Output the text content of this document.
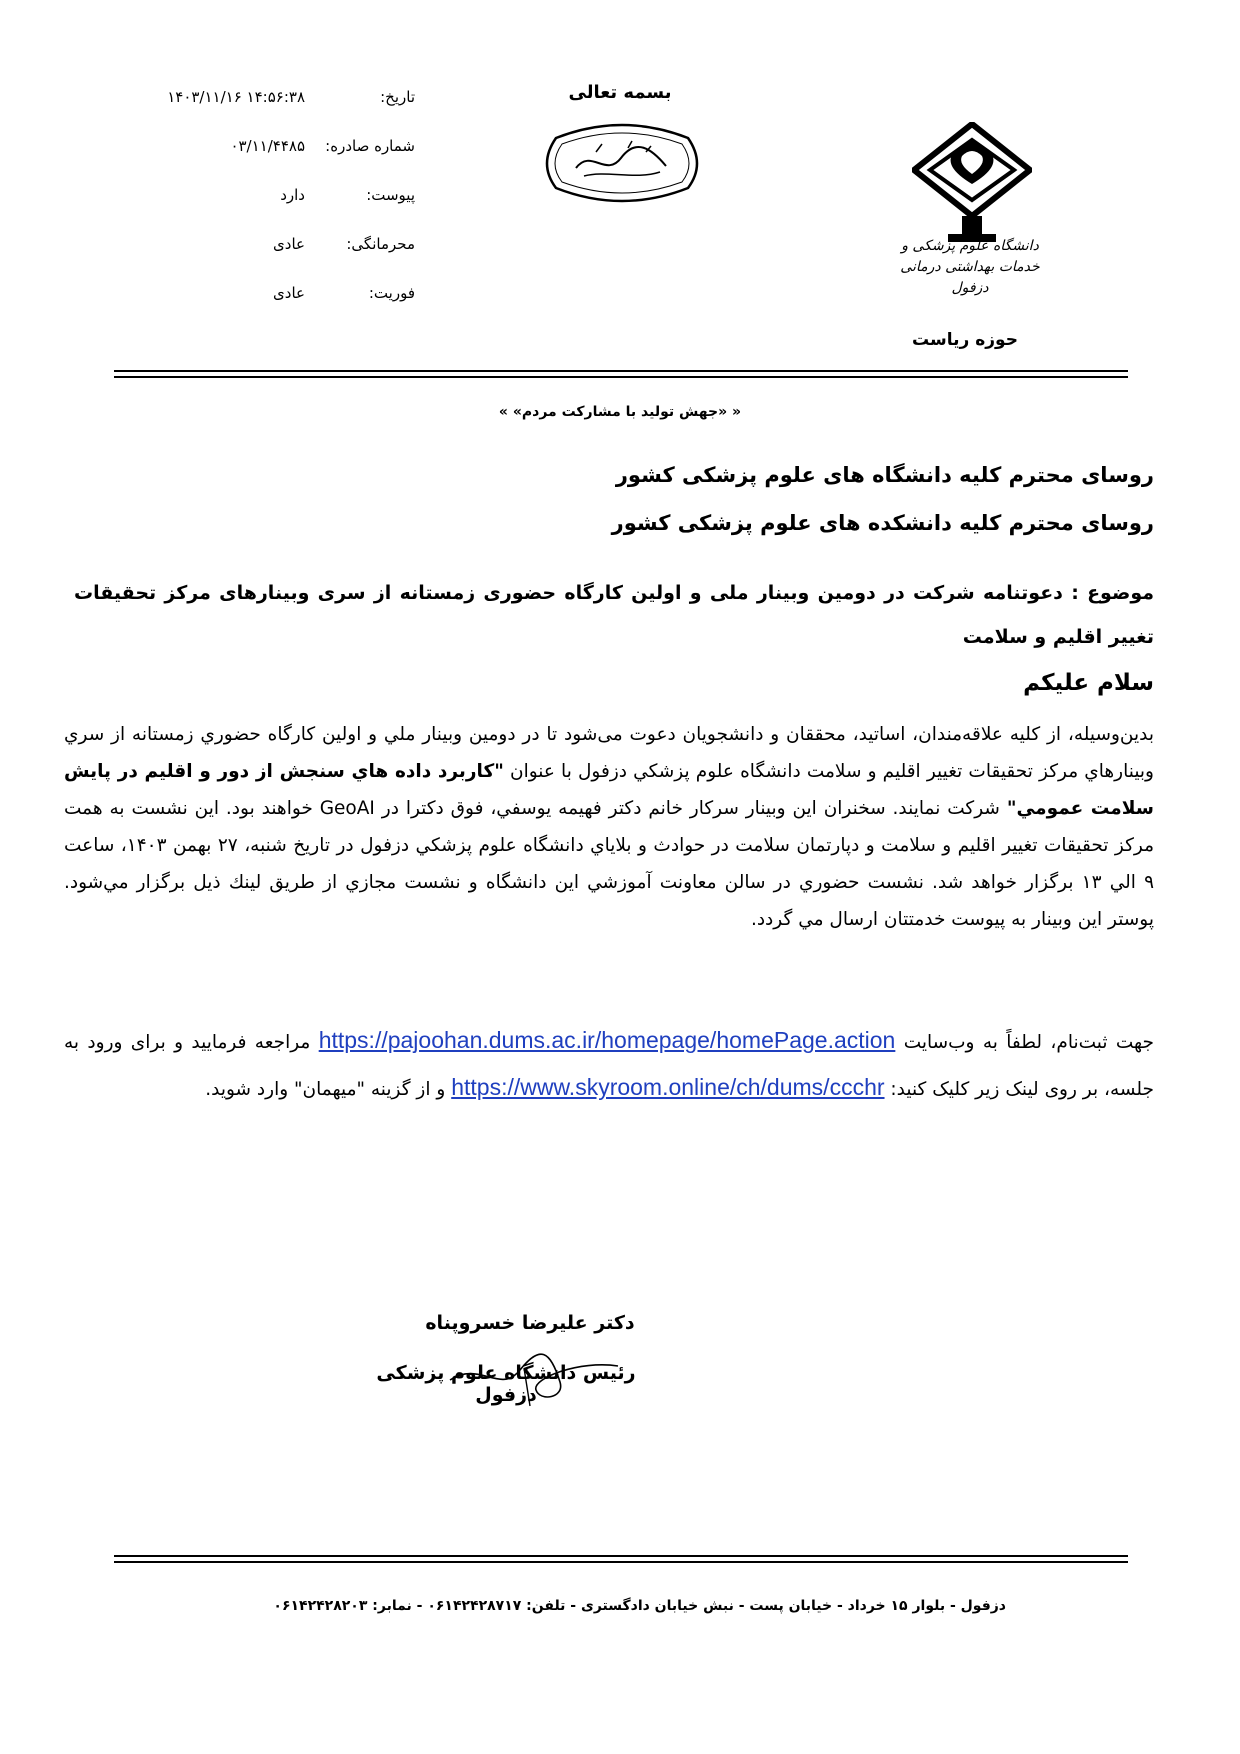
تاریخ:
۱۴:۵۶:۳۸ ۱۴۰۳/۱۱/۱۶
شماره صادره:
۰۳/۱۱/۴۴۸۵
پیوست:
دارد
محرمانگی:
عادی
فوریت:
عادی
بسمه تعالی
دانشگاه علوم پزشکی و خدمات بهداشتی درمانی
دزفول
حوزه ریاست
« «جهش تولید با مشارکت مردم» »
روسای محترم کلیه دانشگاه های علوم پزشکی کشور
روسای محترم کلیه دانشکده های علوم پزشکی کشور
موضوع : دعوتنامه شرکت در دومین وبینار ملی و اولین کارگاه حضوری زمستانه از سری وبینارهای مرکز تحقیقات تغییر اقلیم و سلامت
سلام علیکم
بدین‌وسیله، از کلیه علاقه‌مندان، اساتید، محققان و دانشجویان دعوت می‌شود تا در دومین وبینار ملي و اولين کارگاه حضوري زمستانه از سري وبينارهاي مرکز تحقيقات تغيير اقليم و سلامت دانشگاه علوم پزشکي دزفول با عنوان "کاربرد داده هاي سنجش از دور و اقليم در پايش سلامت عمومي" شرکت نمایند. سخنران اين وبينار سرکار خانم دکتر فهيمه يوسفي، فوق دکترا در GeoAI خواهند بود. این نشست به همت مرکز تحقيقات تغيير اقليم و سلامت و دپارتمان سلامت در حوادث و بلاياي دانشگاه علوم پزشکي دزفول در تاریخ شنبه، ۲۷ بهمن ۱۴۰۳، ساعت ۹ الي ۱۳ برگزار خواهد شد. نشست حضوري در سالن معاونت آموزشي اين دانشگاه و نشست مجازي از طريق لينك ذيل برگزار مي‌شود. پوستر اين وبينار به پيوست خدمتتان ارسال مي گردد.
جهت ثبت‌نام، لطفاً به وب‌سایت https://pajoohan.dums.ac.ir/homepage/homePage.action مراجعه فرمایید و برای ورود به جلسه، بر روی لینک زیر کلیک کنید: https://www.skyroom.online/ch/dums/ccchr و از گزینه "میهمان" وارد شوید.
دکتر علیرضا خسروپناه
رئیس دانشگاه علوم پزشکی دزفول
دزفول - بلوار ۱۵ خرداد - خیابان پست - نبش خیابان دادگستری - تلفن: ۰۶۱۴۲۴۲۸۷۱۷ - نمابر: ۰۶۱۴۲۴۲۸۲۰۳
